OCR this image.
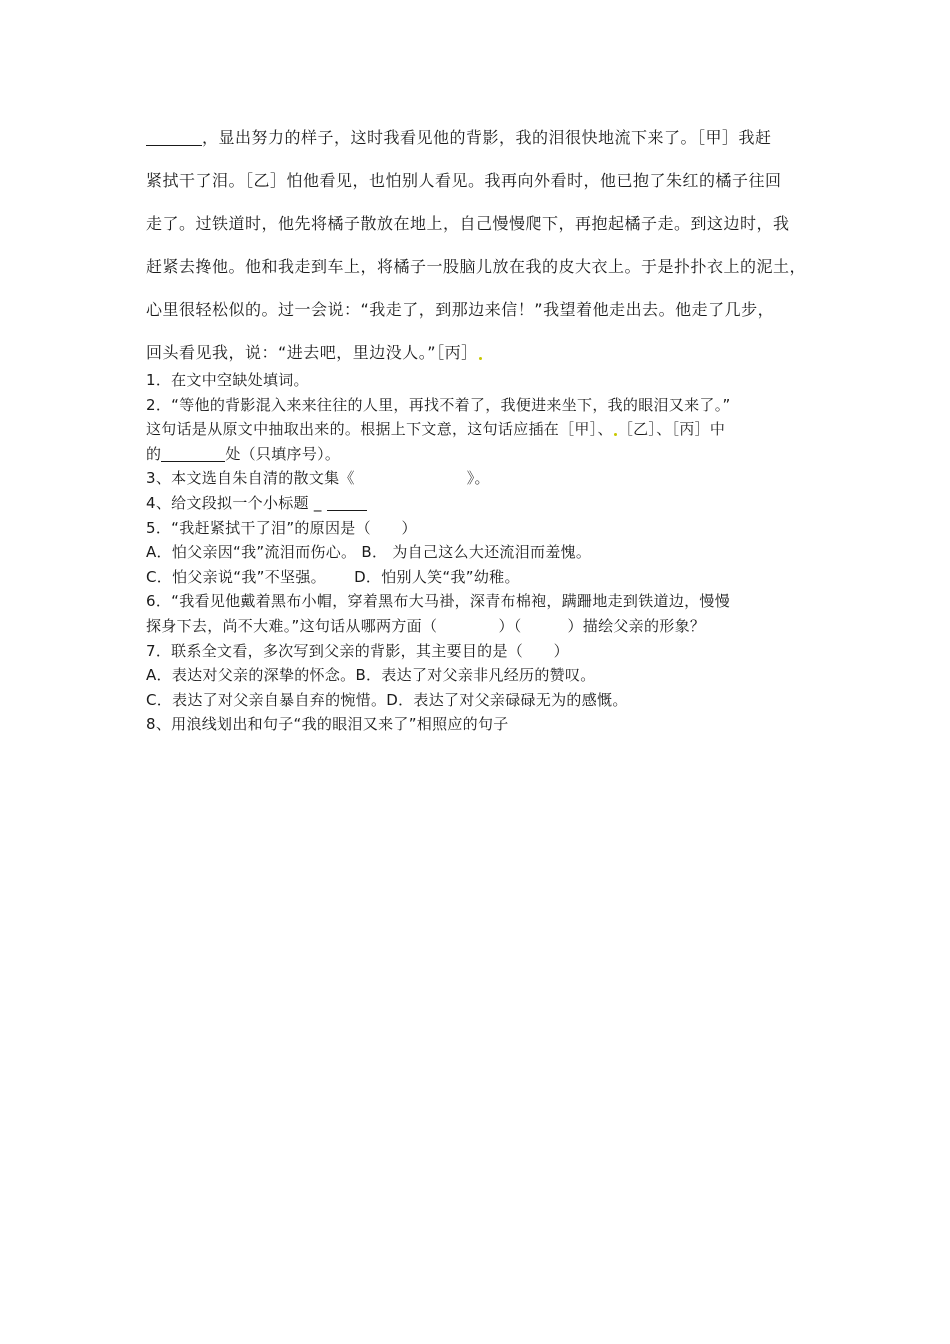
，显出努力的样子，这时我看见他的背影，我的泪很快地流下来了。［甲］我赶
紧拭干了泪。［乙］怕他看见，也怕别人看见。我再向外看时，他已抱了朱红的橘子往回
走了。过铁道时，他先将橘子散放在地上，自己慢慢爬下，再抱起橘子走。到这边时，我
赶紧去搀他。他和我走到车上，将橘子一股脑儿放在我的皮大衣上。于是扑扑衣上的泥土，
心里很轻松似的。过一会说：“我走了，到那边来信！”我望着他走出去。他走了几步，
回头看见我，说：“进去吧，里边没人。”［丙］
1．在文中空缺处填词。
2．“等他的背影混入来来往往的人里，再找不着了，我便进来坐下，我的眼泪又来了。”
这句话是从原文中抽取出来的。根据上下文意，这句话应插在［甲］、 ［乙］、［丙］中
的	处（只填序号）。
3、本文选自朱自清的散文集《	》。
4、给文段拟一个小标题 _
5．“我赶紧拭干了泪”的原因是（　　）
A．怕父亲因“我”流泪而伤心。 B． 为自己这么大还流泪而羞愧。
C．怕父亲说“我”不坚强。　　 D．怕别人笑“我”幼稚。
6．“我看见他戴着黑布小帽，穿着黑布大马褂，深青布棉袍，蹒跚地走到铁道边，慢慢
探身下去，尚不大难。”这句话从哪两方面（　　　　）（　　　）描绘父亲的形象？
7．联系全文看，多次写到父亲的背影，其主要目的是（　　）
A．表达对父亲的深挚的怀念。B．表达了对父亲非凡经历的赞叹。
C．表达了对父亲自暴自弃的惋惜。D．表达了对父亲碌碌无为的感慨。
8、用浪线划出和句子“我的眼泪又来了”相照应的句子
